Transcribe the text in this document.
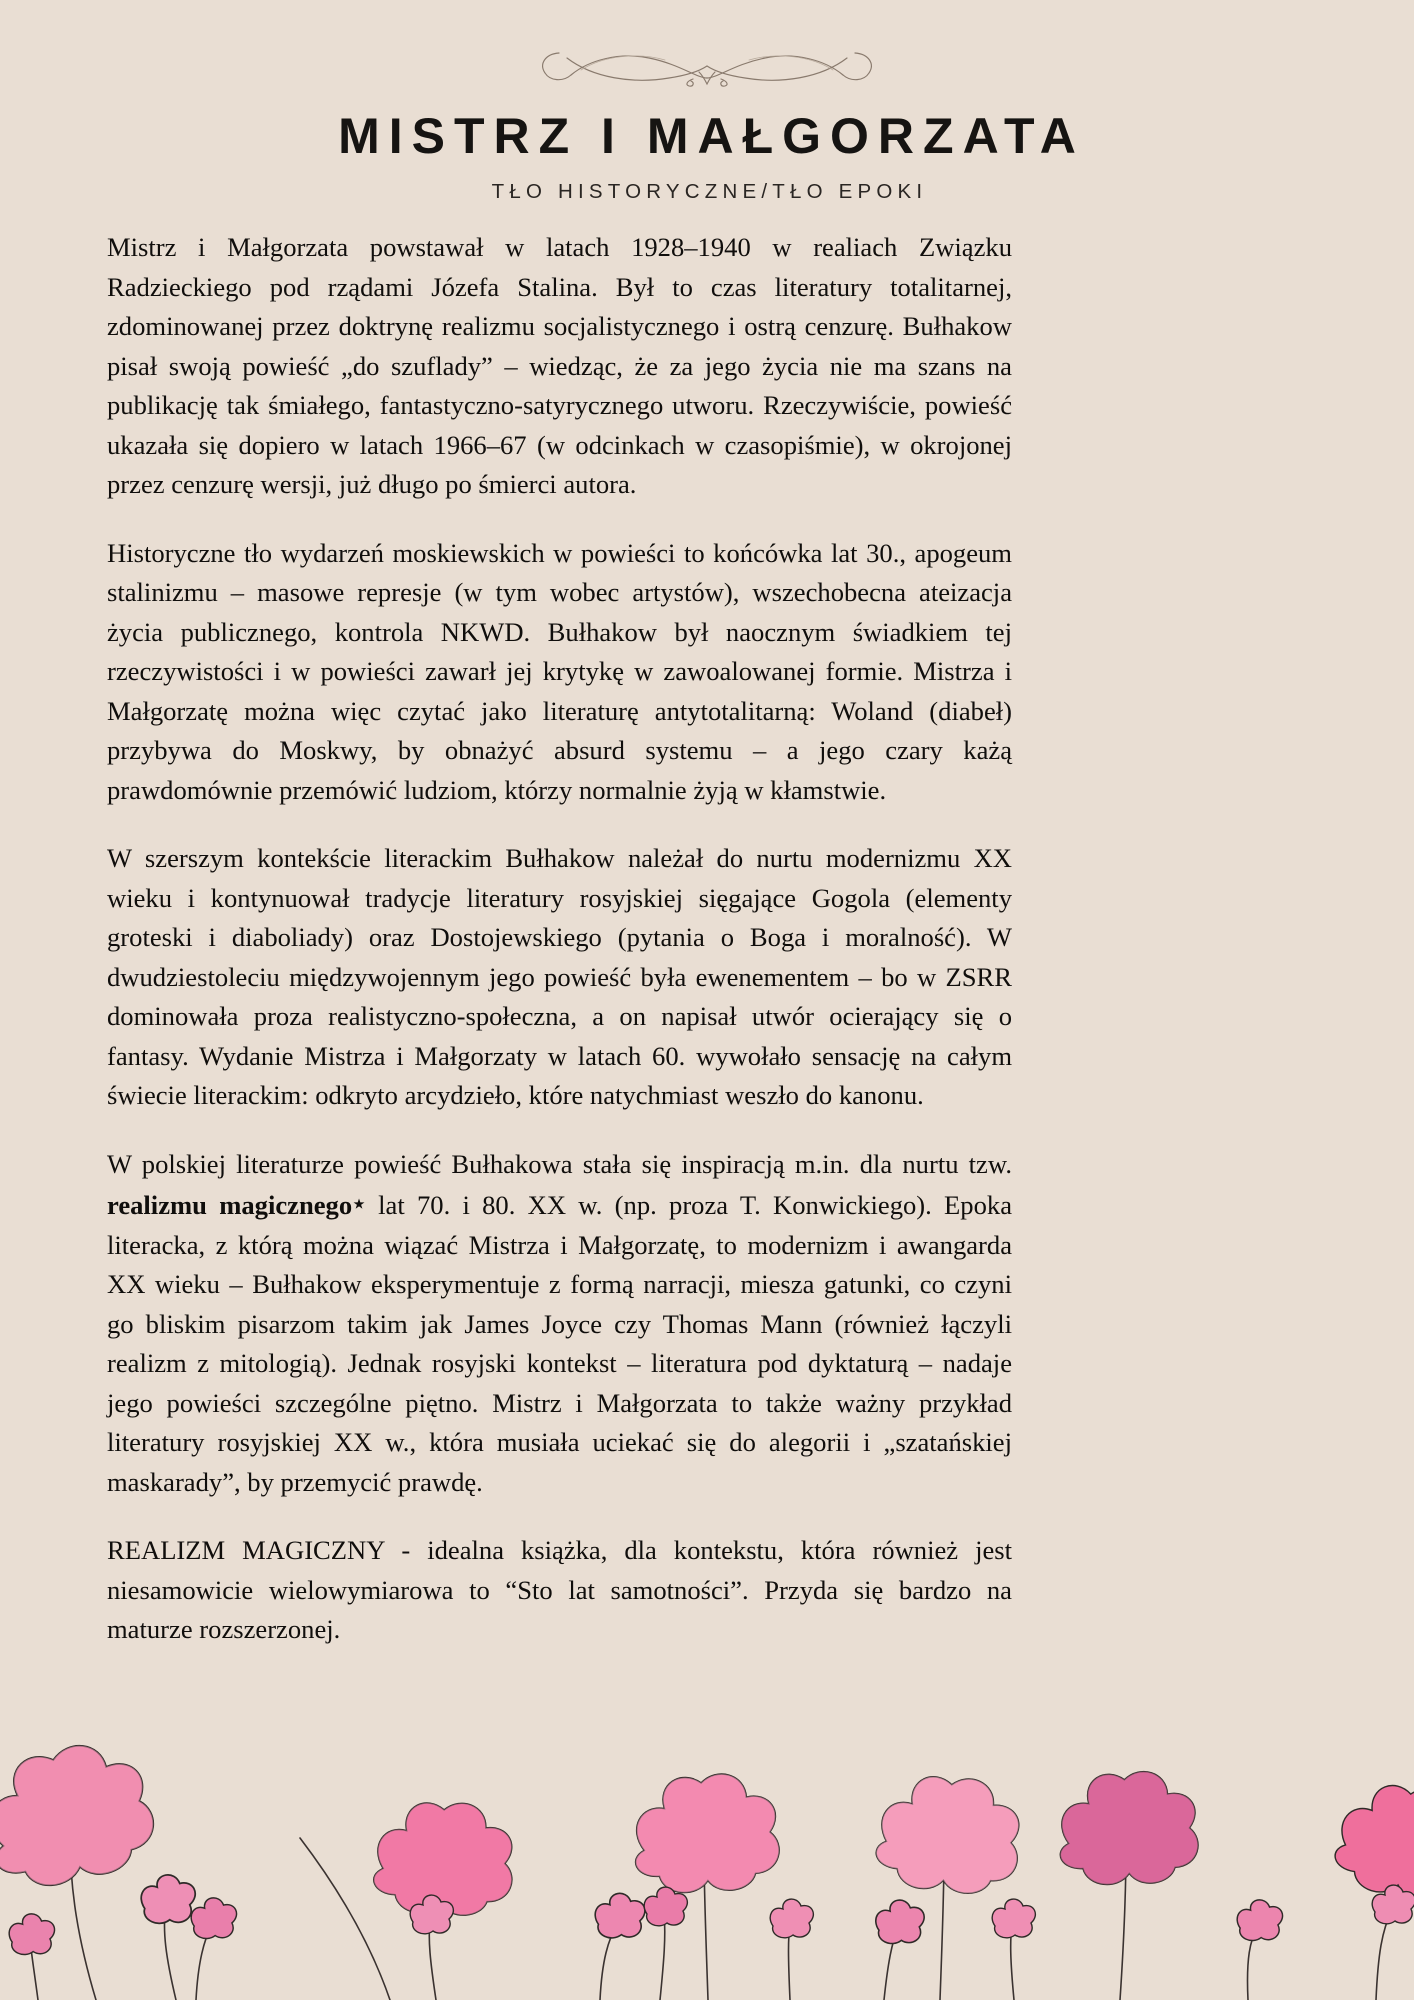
MISTRZ I MAŁGORZATA
TŁO HISTORYCZNE/TŁO EPOKI

Mistrz i Małgorzata powstawał w latach 1928–1940 w realiach Związku Radzieckiego pod rządami Józefa Stalina. Był to czas literatury totalitarnej, zdominowanej przez doktrynę realizmu socjalistycznego i ostrą cenzurę. Bułhakow pisał swoją powieść „do szuflady” – wiedząc, że za jego życia nie ma szans na publikację tak śmiałego, fantastyczno-satyrycznego utworu. Rzeczywiście, powieść ukazała się dopiero w latach 1966–67 (w odcinkach w czasopiśmie), w okrojonej przez cenzurę wersji, już długo po śmierci autora.

Historyczne tło wydarzeń moskiewskich w powieści to końcówka lat 30., apogeum stalinizmu – masowe represje (w tym wobec artystów), wszechobecna ateizacja życia publicznego, kontrola NKWD. Bułhakow był naocznym świadkiem tej rzeczywistości i w powieści zawarł jej krytykę w zawoalowanej formie. Mistrza i Małgorzatę można więc czytać jako literaturę antytotalitarną: Woland (diabeł) przybywa do Moskwy, by obnażyć absurd systemu – a jego czary każą prawdomównie przemówić ludziom, którzy normalnie żyją w kłamstwie.

W szerszym kontekście literackim Bułhakow należał do nurtu modernizmu XX wieku i kontynuował tradycje literatury rosyjskiej sięgające Gogola (elementy groteski i diaboliady) oraz Dostojewskiego (pytania o Boga i moralność). W dwudziestoleciu międzywojennym jego powieść była ewenementem – bo w ZSRR dominowała proza realistyczno-społeczna, a on napisał utwór ocierający się o fantasy. Wydanie Mistrza i Małgorzaty w latach 60. wywołało sensację na całym świecie literackim: odkryto arcydzieło, które natychmiast weszło do kanonu.

W polskiej literaturze powieść Bułhakowa stała się inspiracją m.in. dla nurtu tzw. realizmu magicznego⋆ lat 70. i 80. XX w. (np. proza T. Konwickiego). Epoka literacka, z którą można wiązać Mistrza i Małgorzatę, to modernizm i awangarda XX wieku – Bułhakow eksperymentuje z formą narracji, miesza gatunki, co czyni go bliskim pisarzom takim jak James Joyce czy Thomas Mann (również łączyli realizm z mitologią). Jednak rosyjski kontekst – literatura pod dyktaturą – nadaje jego powieści szczególne piętno. Mistrz i Małgorzata to także ważny przykład literatury rosyjskiej XX w., która musiała uciekać się do alegorii i „szatańskiej maskarady”, by przemycić prawdę.

REALIZM MAGICZNY - idealna książka, dla kontekstu, która również jest niesamowicie wielowymiarowa to “Sto lat samotności”. Przyda się bardzo na maturze rozszerzonej.
